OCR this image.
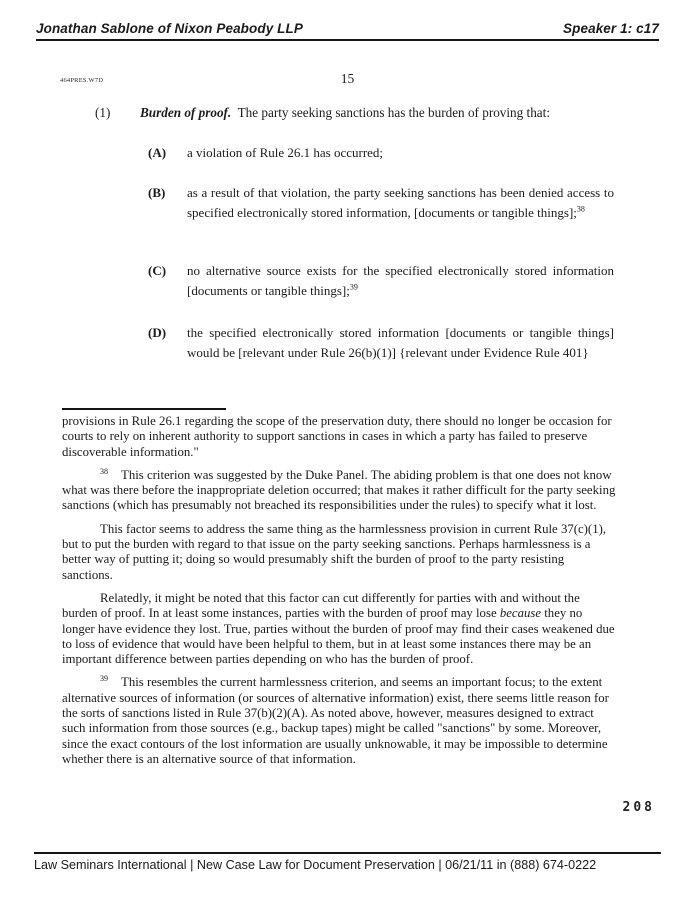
Jonathan Sablone of Nixon Peabody LLP	Speaker 1: c17
464PRES.W7D	15
(1)	Burden of proof. The party seeking sanctions has the burden of proving that:
(A)	a violation of Rule 26.1 has occurred;
(B)	as a result of that violation, the party seeking sanctions has been denied access to specified electronically stored information, [documents or tangible things];$^{38}$
(C)	no alternative source exists for the specified electronically stored information [documents or tangible things];$^{39}$
(D)	the specified electronically stored information [documents or tangible things] would be [relevant under Rule 26(b)(1)] {relevant under Evidence Rule 401}

provisions in Rule 26.1 regarding the scope of the preservation duty, there should no longer be occasion for courts to rely on inherent authority to support sanctions in cases in which a party has failed to preserve discoverable information."

$^{38}$ This criterion was suggested by the Duke Panel. The abiding problem is that one does not know what was there before the inappropriate deletion occurred; that makes it rather difficult for the party seeking sanctions (which has presumably not breached its responsibilities under the rules) to specify what it lost.

This factor seems to address the same thing as the harmlessness provision in current Rule 37(c)(1), but to put the burden with regard to that issue on the party seeking sanctions. Perhaps harmlessness is a better way of putting it; doing so would presumably shift the burden of proof to the party resisting sanctions.

Relatedly, it might be noted that this factor can cut differently for parties with and without the burden of proof. In at least some instances, parties with the burden of proof may lose because they no longer have evidence they lost. True, parties without the burden of proof may find their cases weakened due to loss of evidence that would have been helpful to them, but in at least some instances there may be an important difference between parties depending on who has the burden of proof.

$^{39}$ This resembles the current harmlessness criterion, and seems an important focus; to the extent alternative sources of information (or sources of alternative information) exist, there seems little reason for the sorts of sanctions listed in Rule 37(b)(2)(A). As noted above, however, measures designed to extract such information from those sources (e.g., backup tapes) might be called "sanctions" by some. Moreover, since the exact contours of the lost information are usually unknowable, it may be impossible to determine whether there is an alternative source of that information.

208
Law Seminars International | New Case Law for Document Preservation | 06/21/11 in (888) 674-0222
